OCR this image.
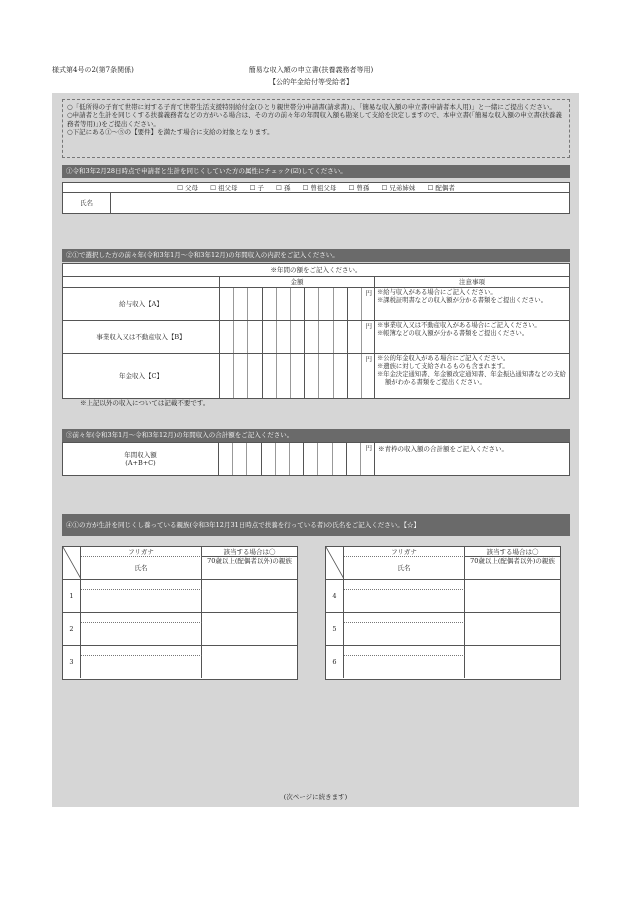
様式第4号の2(第7条関係)	簡易な収入額の申立書(扶養義務者等用)
【公的年金給付等受給者】

○「低所得の子育て世帯に対する子育て世帯生活支援特別給付金(ひとり親世帯分)申請書(請求書)」、「簡易な収入額の申立書(申請者本人用)」と一緒にご提出ください。

○申請者と生計を同じくする扶養義務者などの方がいる場合は、その方の前々年の年間収入額も勘案して支給を決定しますので、本申立書(「簡易な収入額の申立書(扶養義務者等用)」)をご提出ください。

○下記にある①〜⑤の【要件】を満たす場合に支給の対象となります。

①令和3年2月28日時点で申請者と生計を同じくしていた方の属性にチェック(☑)してください。
☐ 父母 ☐ 祖父母 ☐ 子 ☐ 孫 ☐ 曾祖父母 ☐ 曾孫 ☐ 兄弟姉妹 ☐ 配偶者
氏名
②①で選択した方の前々年(令和3年1月〜令和3年12月)の年間収入の内訳をご記入ください。
※年間の額をご記入ください。
金額	注意事項
給与収入【A】
円 ※給与収入がある場合にご記入ください。
※課税証明書などの収入額が分かる書類をご提出ください。
事業収入又は不動産収入【B】
円 ※事業収入又は不動産収入がある場合にご記入ください。
※帳簿などの収入額が分かる書類をご提出ください。
年金収入【C】
円 ※公的年金収入がある場合にご記入ください。
※遺族に対して支給されるものも含まれます。
※年金決定通知書、年金額改定通知書、年金振込通知書などの支給額がわかる書類をご提出ください。
※上記以外の収入については記載不要です。
③前々年(令和3年1月〜令和3年12月)の年間収入の合計額をご記入ください。
年間収入額
(A+B+C)
円 ※青枠の収入額の合計額をご記入ください。
④①の方が生計を同じくし養っている親族(令和3年12月31日時点で扶養を行っている者)の氏名をご記入ください。【☆】
フリガナ
氏名
該当する場合は〇
70歳以上(配偶者以外)の親族
1
2
3
フリガナ
氏名
該当する場合は〇
70歳以上(配偶者以外)の親族
4
5
6
(次ページに続きます)
